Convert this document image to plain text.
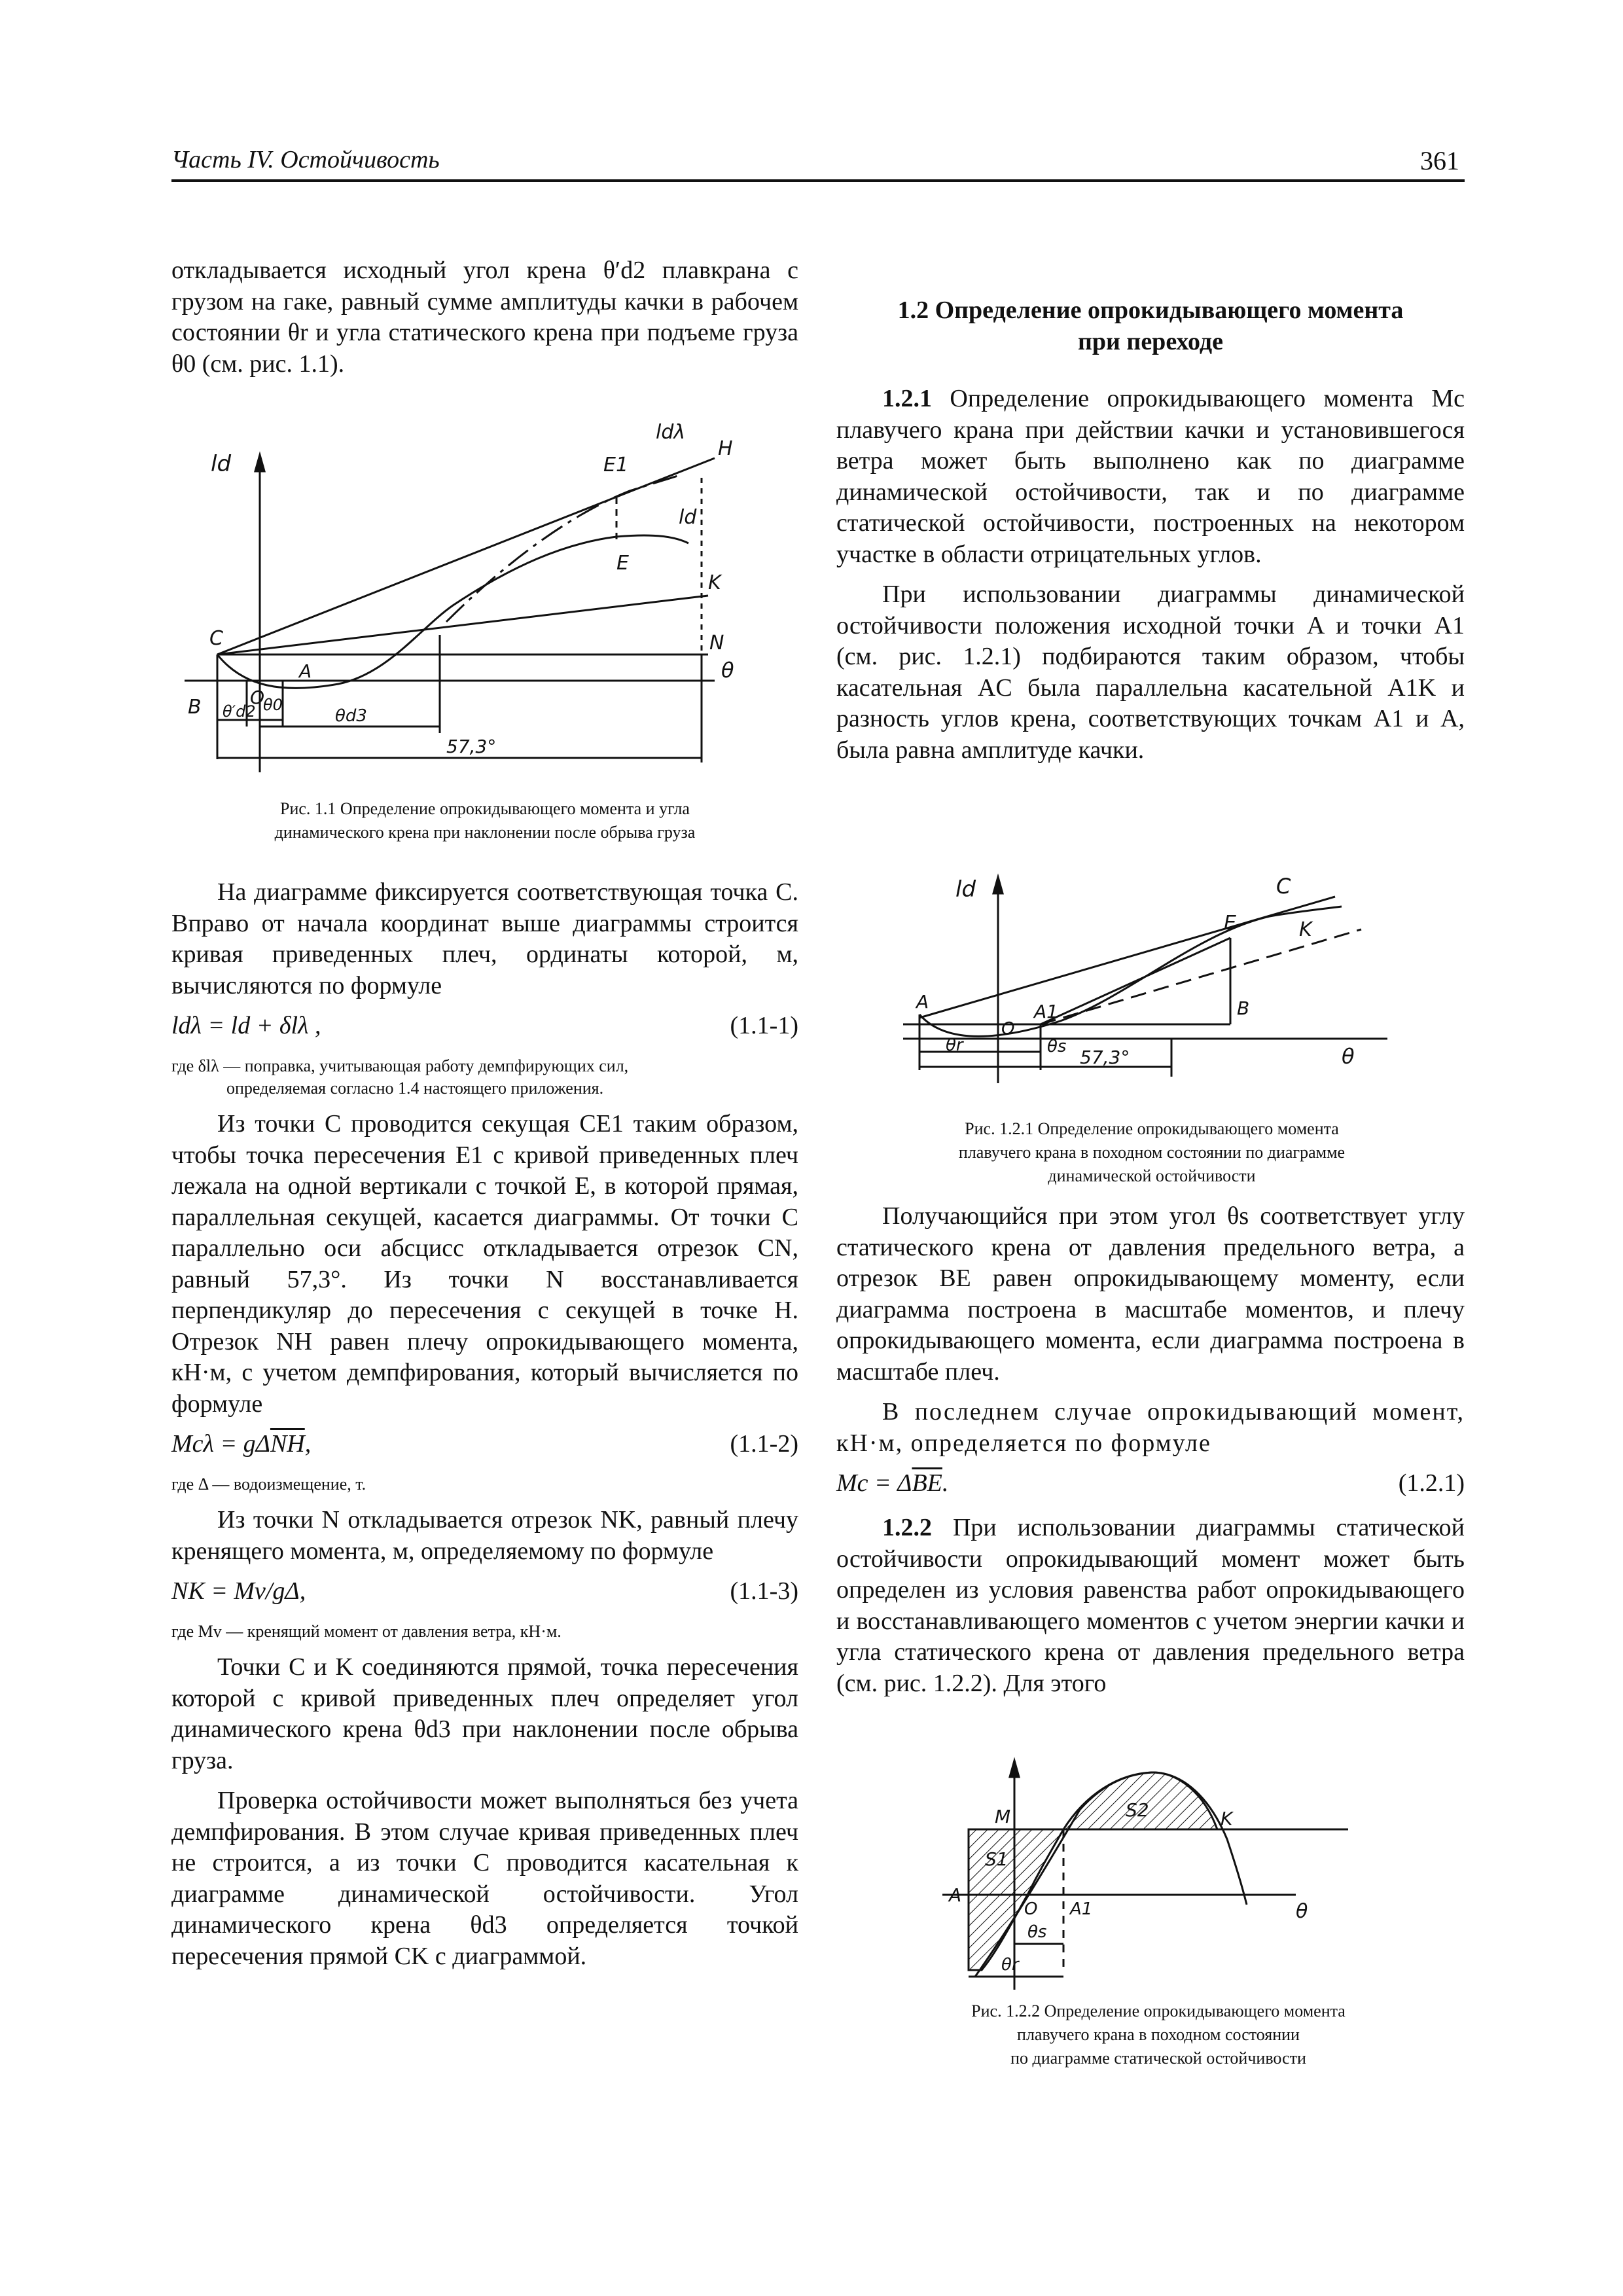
Часть IV. Остойчивость	361

откладывается исходный угол крена θ′d2 плавкрана с грузом на гаке, равный сумме амплитуды качки в рабочем состоянии θr и угла статического крена при подъеме груза θ0 (см. рис. 1.1).

ld
ldλ
H
E1
E
ld
K
C	N
B	O
A	θ
θ′d2 θ0
θd3
57,3°
Рис. 1.1 Определение опрокидывающего момента и угла
динамического крена при наклонении после обрыва груза

На диаграмме фиксируется соответствующая точка C. Вправо от начала координат выше диаграммы строится кривая приведенных плеч, ординаты которой, м, вычисляются по формуле

ldλ = ld + δlλ ,	(1.1-1)
где δlλ — поправка, учитывающая работу демпфирующих сил,

определяемая согласно 1.4 настоящего приложения.

Из точки C проводится секущая CE1 таким образом, чтобы точка пересечения E1 с кривой приведенных плеч лежала на одной вертикали с точкой E, в которой прямая, параллельная секущей, касается диаграммы. От точки C параллельно оси абсцисс откладывается отрезок CN, равный 57,3°. Из точки N восстанавливается перпендикуляр до пересечения с секущей в точке H. Отрезок NH равен плечу опрокидывающего момента, кН·м, с учетом демпфирования, который вычисляется по формуле

$Mc\lambda = g\Delta\overline{NH}$,	(1.1-2)
где Δ — водоизмещение, т.

Из точки N откладывается отрезок NK, равный плечу кренящего момента, м, определяемому по формуле

NK = Mv/gΔ,	(1.1-3)
где Mv — кренящий момент от давления ветра, кН·м.

Точки C и K соединяются прямой, точка пересечения которой с кривой приведенных плеч определяет угол динамического крена θd3 при наклонении после обрыва груза.

Проверка остойчивости может выполняться без учета демпфирования. В этом случае кривая приведенных плеч не строится, а из точки C проводится касательная к диаграмме динамической остойчивости. Угол динамического крена θd3 определяется точкой пересечения прямой CK с диаграммой.

1.2 Определение опрокидывающего момента
при переходе

1.2.1 Определение опрокидывающего момента Mc плавучего крана при действии качки и установившегося ветра может быть выполнено как по диаграмме динамической остойчивости, так и по диаграмме статической остойчивости, построенных на некотором участке в области отрицательных углов.

При использовании диаграммы динамической остойчивости положения исходной точки A и точки A1 (см. рис. 1.2.1) подбираются таким образом, чтобы касательная AC была параллельна касательной A1K и разность углов крена, соответствующих точкам A1 и A, была равна амплитуде качки.

ld	C
E	K
A	A1	B
θr
O
θs 57,3°	θ
Рис. 1.2.1 Определение опрокидывающего момента
плавучего крана в походном состоянии по диаграмме
динамической остойчивости

Получающийся при этом угол θs соответствует углу статического крена от давления предельного ветра, а отрезок BE равен опрокидывающему моменту, если диаграмма построена в масштабе моментов, и плечу опрокидывающего момента, если диаграмма построена в масштабе плеч.

В последнем случае опрокидывающий момент, кН·м, определяется по формуле

$Mc = \Delta\overline{BE}$.	(1.2.1)

1.2.2 При использовании диаграммы статической остойчивости опрокидывающий момент может быть определен из условия равенства работ опрокидывающего и восстанавливающего моментов с учетом энергии качки и угла статического крена от давления предельного ветра (см. рис. 1.2.2). Для этого

M	S2	K
S1
A
O A1	θ
θs
θr
Рис. 1.2.2 Определение опрокидывающего момента
плавучего крана в походном состоянии
по диаграмме статической остойчивости
